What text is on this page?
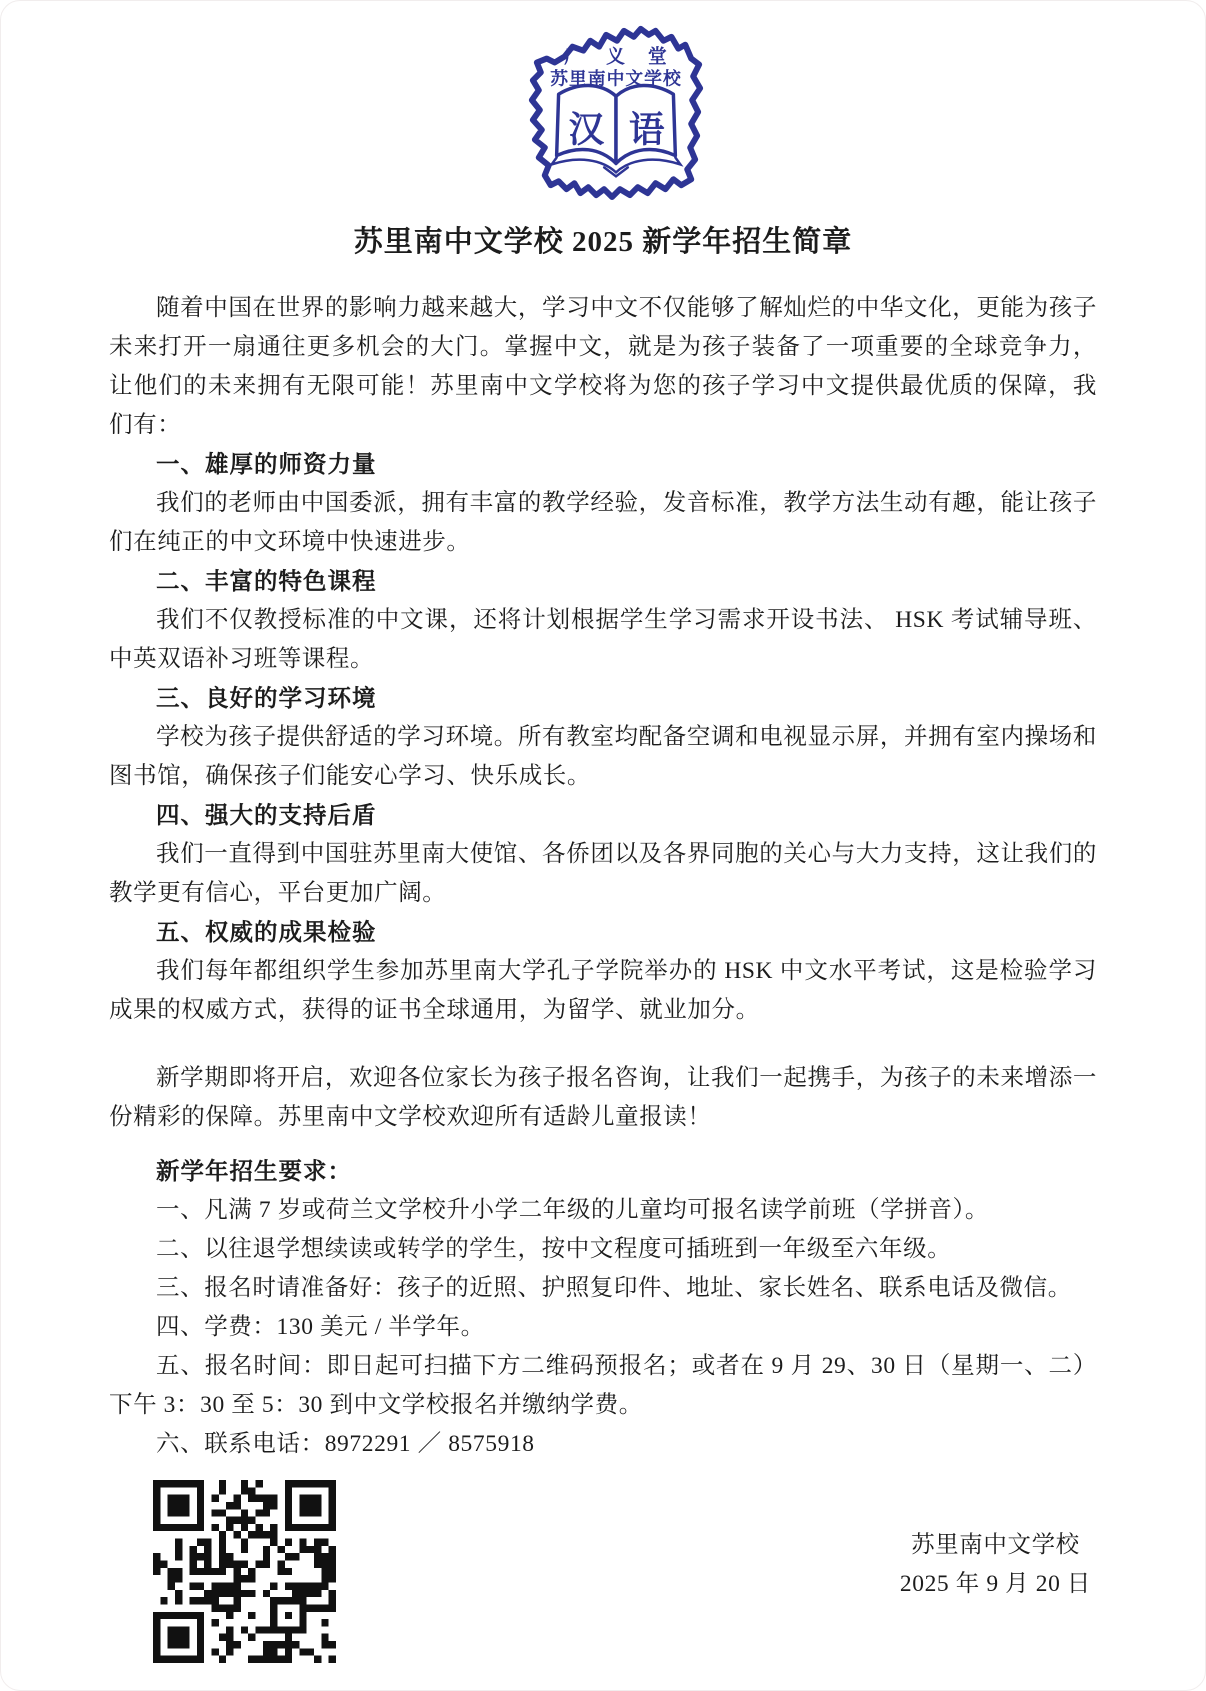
广 义 堂
苏里南中文学校
汉 语
苏里南中文学校 2025 新学年招生简章

随着中国在世界的影响力越来越大，学习中文不仅能够了解灿烂的中华文化，更能为孩子未来打开一扇通往更多机会的大门。掌握中文，就是为孩子装备了一项重要的全球竞争力，让他们的未来拥有无限可能！苏里南中文学校将为您的孩子学习中文提供最优质的保障，我们有：

一、雄厚的师资力量

我们的老师由中国委派，拥有丰富的教学经验，发音标准，教学方法生动有趣，能让孩子们在纯正的中文环境中快速进步。

二、丰富的特色课程

我们不仅教授标准的中文课，还将计划根据学生学习需求开设书法、 HSK 考试辅导班、中英双语补习班等课程。

三、良好的学习环境

学校为孩子提供舒适的学习环境。所有教室均配备空调和电视显示屏，并拥有室内操场和图书馆，确保孩子们能安心学习、快乐成长。

四、强大的支持后盾

我们一直得到中国驻苏里南大使馆、各侨团以及各界同胞的关心与大力支持，这让我们的教学更有信心，平台更加广阔。

五、权威的成果检验

我们每年都组织学生参加苏里南大学孔子学院举办的 HSK 中文水平考试，这是检验学习成果的权威方式，获得的证书全球通用，为留学、就业加分。

新学期即将开启，欢迎各位家长为孩子报名咨询，让我们一起携手，为孩子的未来增添一份精彩的保障。苏里南中文学校欢迎所有适龄儿童报读！

新学年招生要求：

一、凡满 7 岁或荷兰文学校升小学二年级的儿童均可报名读学前班（学拼音）。

二、以往退学想续读或转学的学生，按中文程度可插班到一年级至六年级。

三、报名时请准备好：孩子的近照、护照复印件、地址、家长姓名、联系电话及微信。

四、学费：130 美元 / 半学年。

五、报名时间：即日起可扫描下方二维码预报名；或者在 9 月 29、30 日（星期一、二）下午 3：30 至 5：30 到中文学校报名并缴纳学费。

六、联系电话：8972291 ／ 8575918

苏里南中文学校

2025 年 9 月 20 日
